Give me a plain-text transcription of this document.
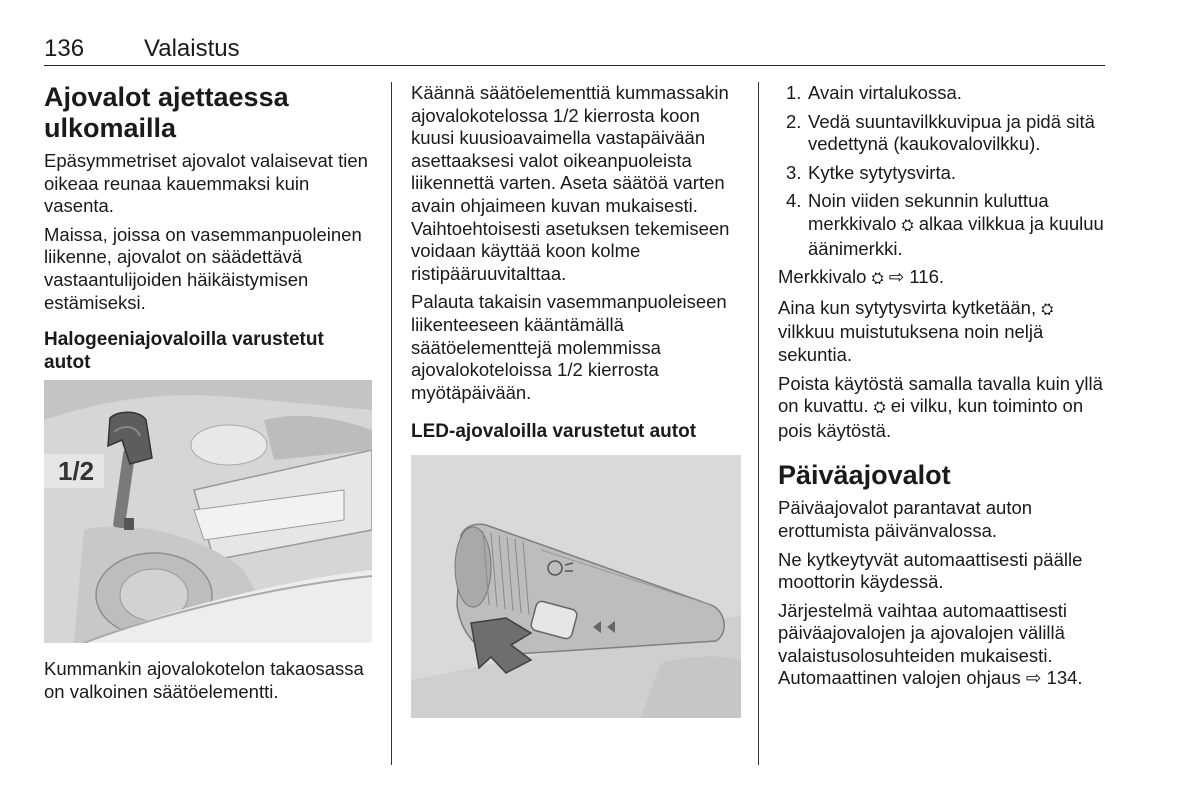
136 Valaistus
Ajovalot ajettaessa ulkomailla

Epäsymmetriset ajovalot valaisevat tien oikeaa reunaa kauemmaksi kuin vasenta.

Maissa, joissa on vasemmanpuoleinen liikenne, ajovalot on säädettävä vastaantulijoiden häikäistymisen estämiseksi.

Halogeeniajovaloilla varustetut autot
1/2

Kummankin ajovalokotelon takaosassa on valkoinen säätöelementti.

Käännä säätöelementtiä kummassakin ajovalokotelossa 1/2 kierrosta koon kuusi kuusioavaimella vastapäivään asettaaksesi valot oikeanpuoleista liikennettä varten. Aseta säätöä varten avain ohjaimeen kuvan mukaisesti. Vaihtoehtoisesti asetuksen tekemiseen voidaan käyttää koon kolme ristipääruuvitalttaa.

Palauta takaisin vasemmanpuoleiseen liikenteeseen kääntämällä säätöelementtejä molemmissa ajovalokoteloissa 1/2 kierrosta myötäpäivään.

LED-ajovaloilla varustetut autot
1. Avain virtalukossa.
2. Vedä suuntavilkkuvipua ja pidä sitä vedettynä (kaukovalovilkku).
3. Kytke sytytysvirta.
4. Noin viiden sekunnin kuluttua merkkivalo ⛭ alkaa vilkkua ja kuuluu äänimerkki.

Merkkivalo ⛭ ⇨ 116.

Aina kun sytytysvirta kytketään, ⛭ vilkkuu muistutuksena noin neljä sekuntia.

Poista käytöstä samalla tavalla kuin yllä on kuvattu. ⛭ ei vilku, kun toiminto on pois käytöstä.

Päiväajovalot

Päiväajovalot parantavat auton erottumista päivänvalossa.

Ne kytkeytyvät automaattisesti päälle moottorin käydessä.

Järjestelmä vaihtaa automaattisesti päiväajovalojen ja ajovalojen välillä valaistusolosuhteiden mukaisesti.

Automaattinen valojen ohjaus ⇨ 134.
